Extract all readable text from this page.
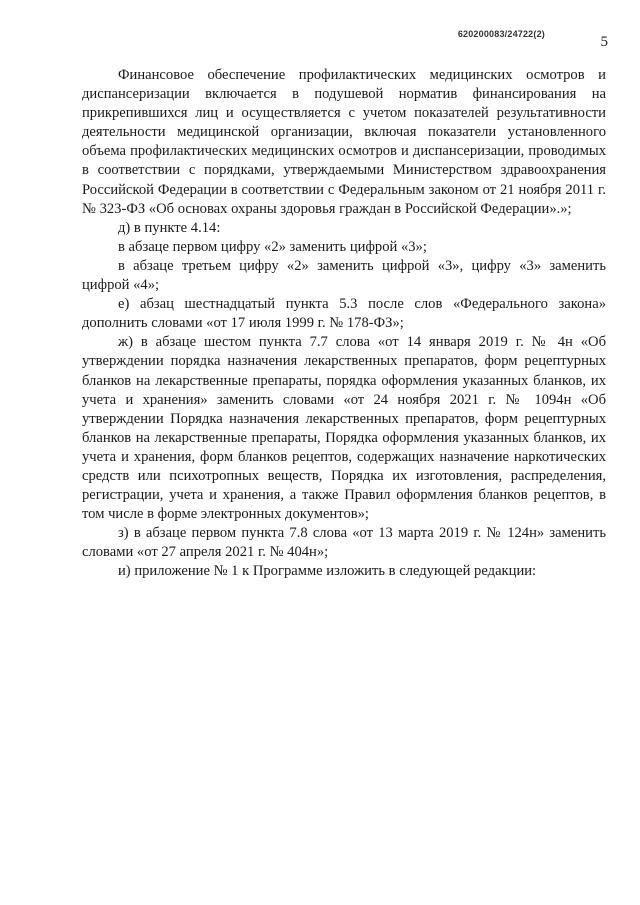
620200083/24722(2)	5

Финансовое обеспечение профилактических медицинских осмотров и диспансеризации включается в подушевой норматив финансирования на прикрепившихся лиц и осуществляется с учетом показателей результативности деятельности медицинской организации, включая показатели установленного объема профилактических медицинских осмотров и диспансеризации, проводимых в соответствии с порядками, утверждаемыми Министерством здравоохранения Российской Федерации в соответствии с Федеральным законом от 21 ноября 2011 г. № 323-ФЗ «Об основах охраны здоровья граждан в Российской Федерации».»;

д) в пункте 4.14:

в абзаце первом цифру «2» заменить цифрой «3»;

в абзаце третьем цифру «2» заменить цифрой «3», цифру «3» заменить цифрой «4»;

е) абзац шестнадцатый пункта 5.3 после слов «Федерального закона» дополнить словами «от 17 июля 1999 г. № 178-ФЗ»;

ж) в абзаце шестом пункта 7.7 слова «от 14 января 2019 г. № 4н «Об утверждении порядка назначения лекарственных препаратов, форм рецептурных бланков на лекарственные препараты, порядка оформления указанных бланков, их учета и хранения» заменить словами «от 24 ноября 2021 г. № 1094н «Об утверждении Порядка назначения лекарственных препаратов, форм рецептурных бланков на лекарственные препараты, Порядка оформления указанных бланков, их учета и хранения, форм бланков рецептов, содержащих назначение наркотических средств или психотропных веществ, Порядка их изготовления, распределения, регистрации, учета и хранения, а также Правил оформления бланков рецептов, в том числе в форме электронных документов»;

з) в абзаце первом пункта 7.8 слова «от 13 марта 2019 г. № 124н» заменить словами «от 27 апреля 2021 г. № 404н»;

и) приложение № 1 к Программе изложить в следующей редакции:
